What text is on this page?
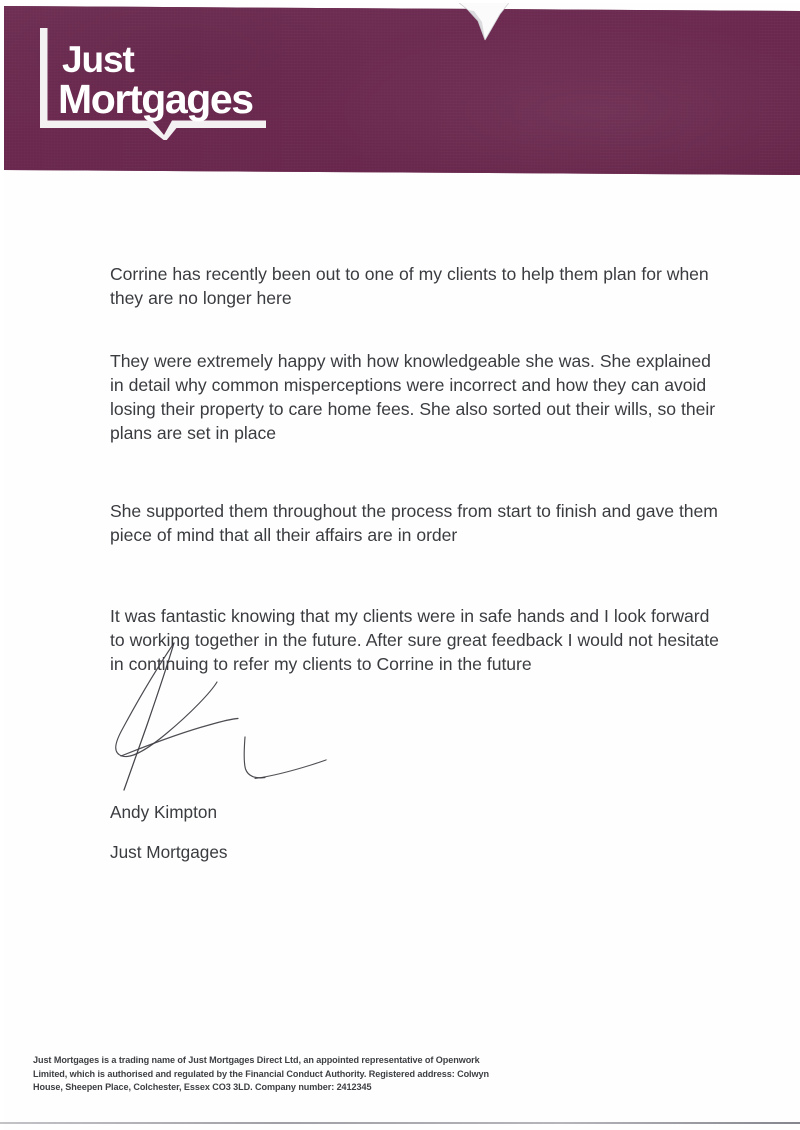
Just
Mortgages

Corrine has recently been out to one of my clients to help them plan for when they are no longer here

They were extremely happy with how knowledgeable she was. She explained in detail why common misperceptions were incorrect and how they can avoid losing their property to care home fees. She also sorted out their wills, so their plans are set in place

She supported them throughout the process from start to finish and gave them piece of mind that all their affairs are in order

It was fantastic knowing that my clients were in safe hands and I look forward to working together in the future. After sure great feedback I would not hesitate in continuing to refer my clients to Corrine in the future

Andy Kimpton
Just Mortgages
Just Mortgages is a trading name of Just Mortgages Direct Ltd, an appointed representative of Openwork
Limited, which is authorised and regulated by the Financial Conduct Authority. Registered address: Colwyn
House, Sheepen Place, Colchester, Essex CO3 3LD. Company number: 2412345
